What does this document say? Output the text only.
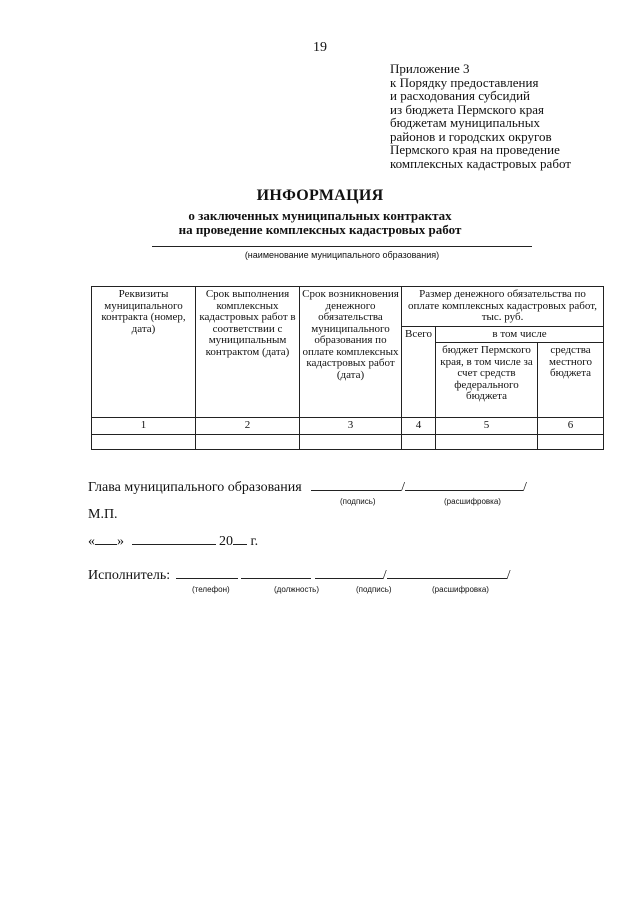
19
Приложение 3
к Порядку предоставления
и расходования субсидий
из бюджета Пермского края
бюджетам муниципальных
районов и городских округов
Пермского края на проведение
комплексных кадастровых работ
ИНФОРМАЦИЯ
о заключенных муниципальных контрактах
на проведение комплексных кадастровых работ
(наименование муниципального образования)
Реквизиты муниципального контракта (номер, дата)	Срок выполнения комплексных кадастровых работ в соответствии с муниципальным контрактом (дата)	Срок возникновения денежного обязательства муниципального образования по оплате комплексных кадастровых работ (дата)	Размер денежного обязательства по оплате комплексных кадастровых работ, тыс. руб.		
			Всего	в том числе	
				бюджет Пермского края, в том числе за счет средств федерального бюджета	средства местного бюджета
1	2	3	4	5	6

Глава муниципального образования	/	/
(подпись)	(расшифровка)
М.П.
« »	20 г.
Исполнитель:	/	/
(телефон)	(должность)	(подпись)	(расшифровка)
